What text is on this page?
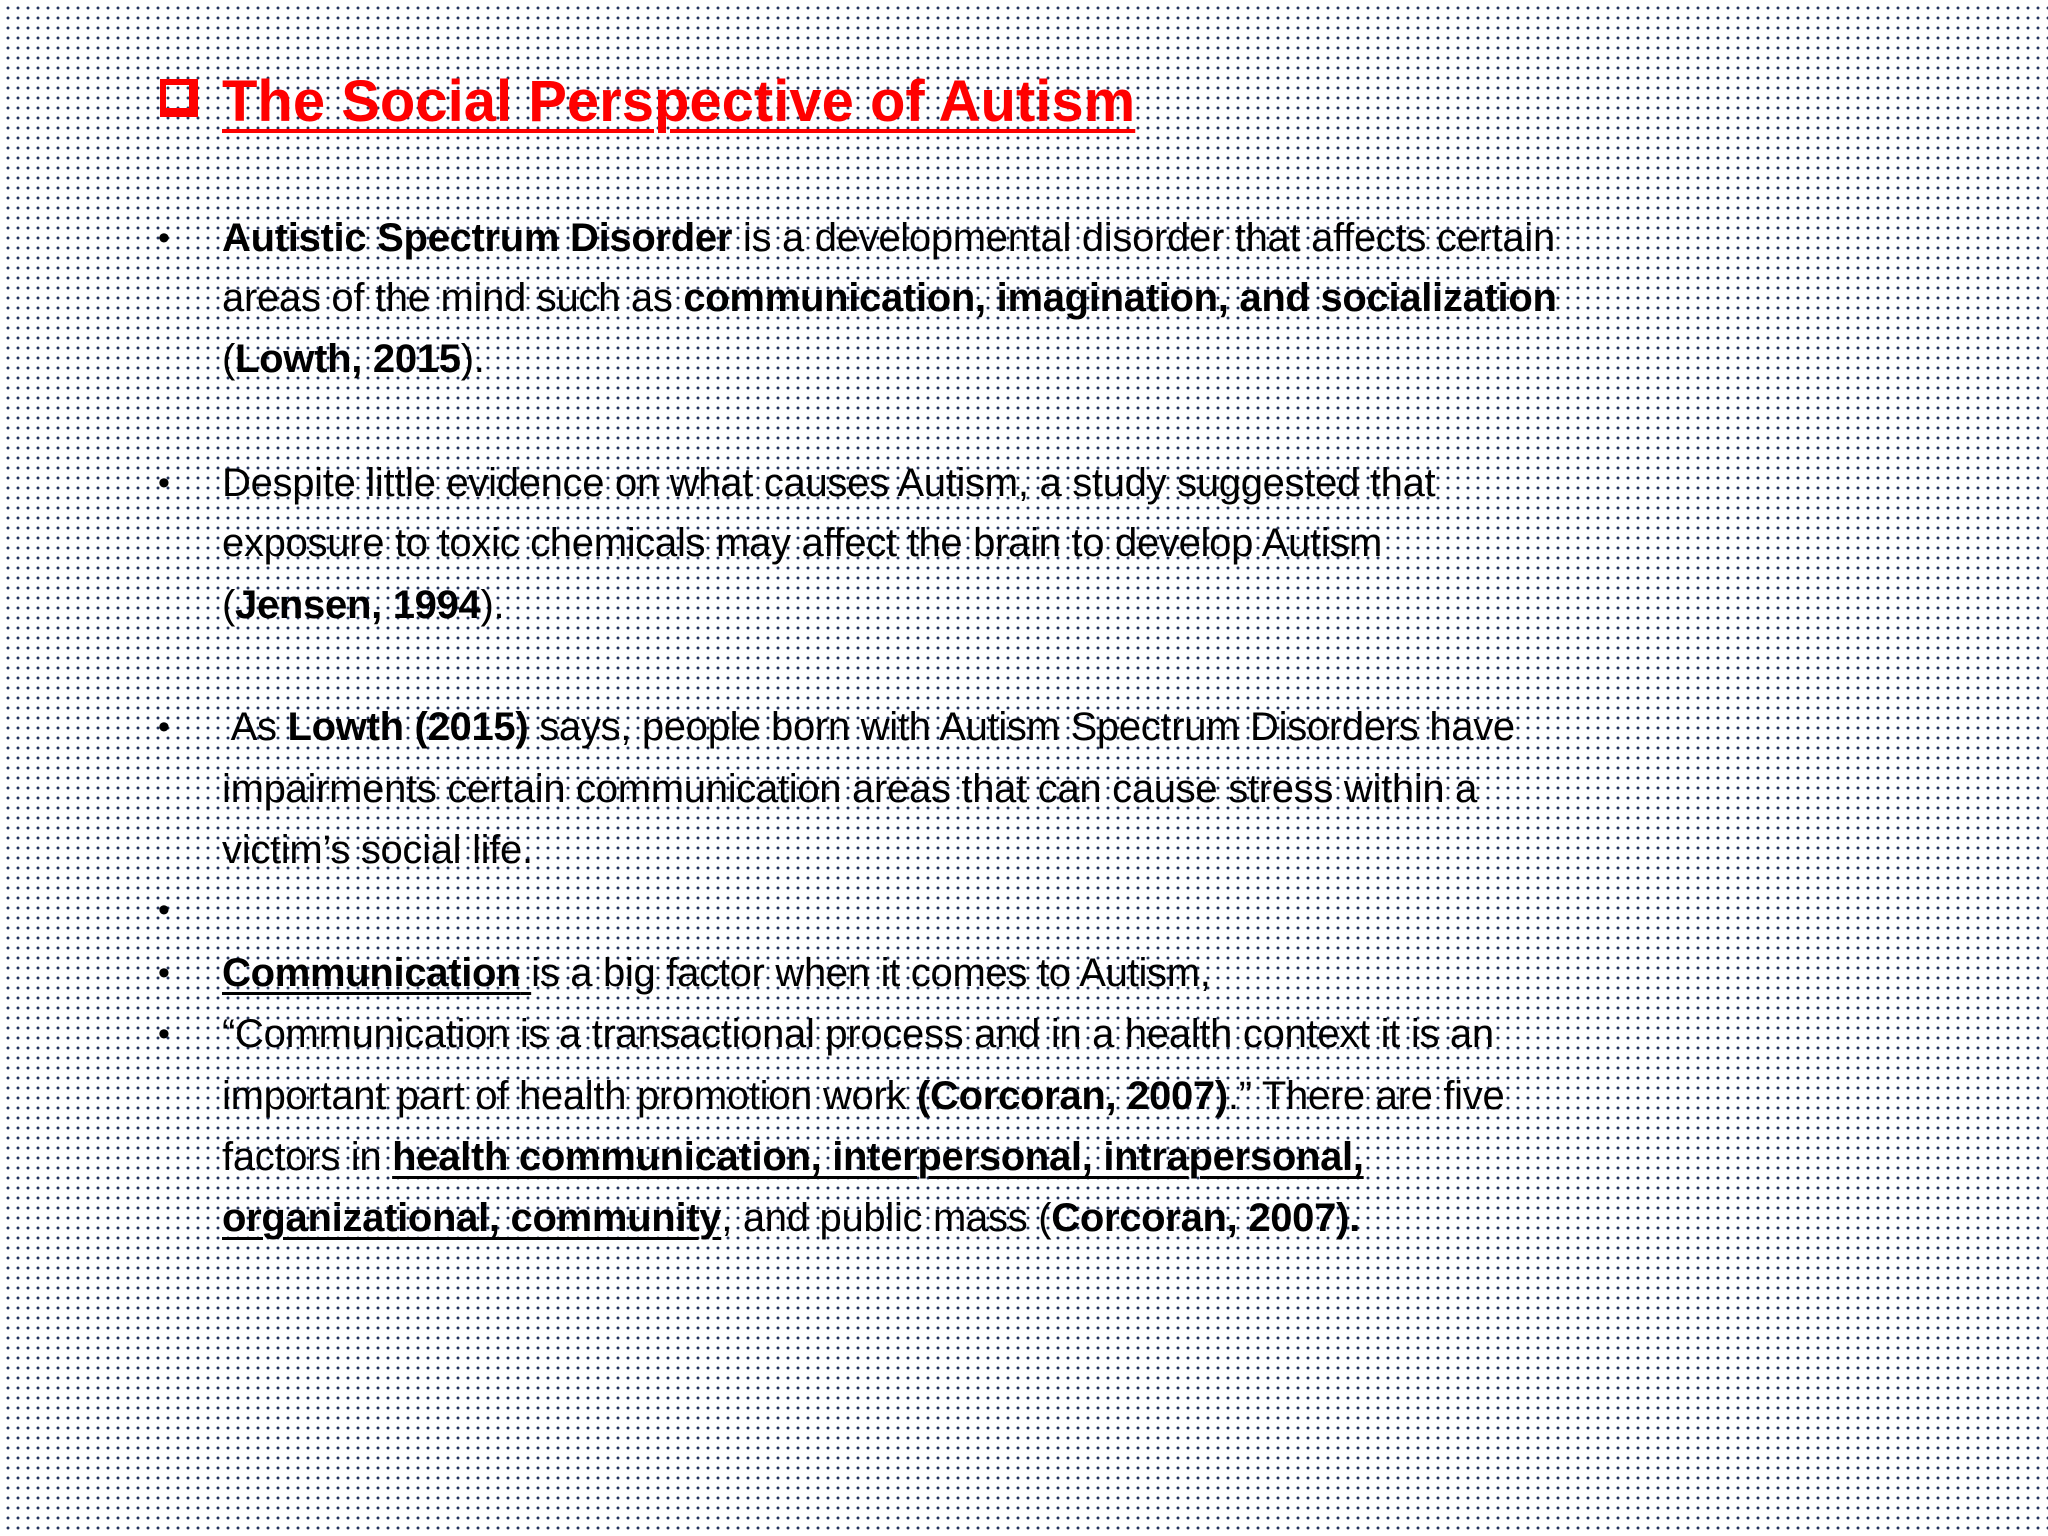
The Social Perspective of Autism
• Autistic Spectrum Disorder is a developmental disorder that affects certain
areas of the mind such as communication, imagination, and socialization
(Lowth, 2015).
• Despite little evidence on what causes Autism, a study suggested that
exposure to toxic chemicals may affect the brain to develop Autism
(Jensen, 1994).
• As Lowth (2015) says, people born with Autism Spectrum Disorders have
impairments certain communication areas that can cause stress within a
victim’s social life.
•
• Communication is a big factor when it comes to Autism,
• “Communication is a transactional process and in a health context it is an
important part of health promotion work (Corcoran, 2007).” There are five
factors in health communication, interpersonal, intrapersonal,
organizational, community, and public mass (Corcoran, 2007).
